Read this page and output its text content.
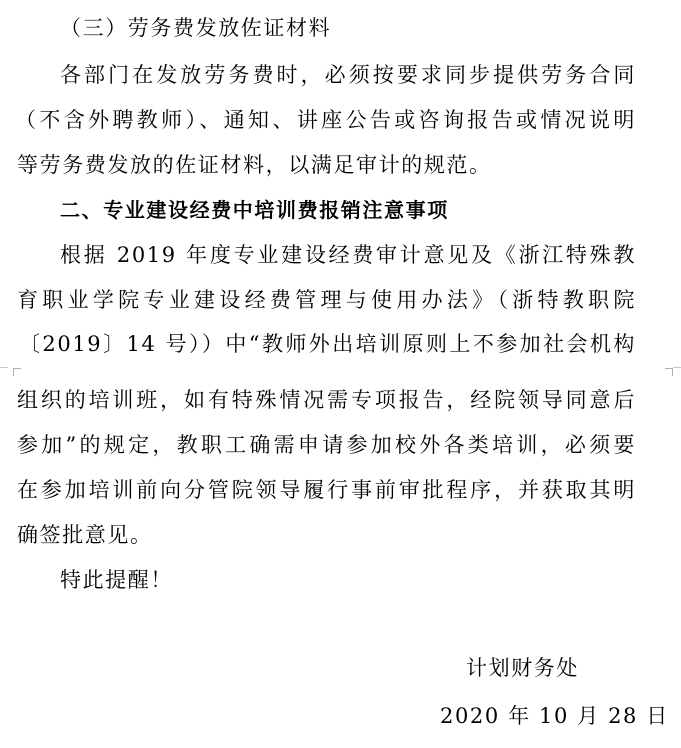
（三）劳务费发放佐证材料
各部门在发放劳务费时，必须按要求同步提供劳务合同
（不含外聘教师）、通知、讲座公告或咨询报告或情况说明
等劳务费发放的佐证材料，以满足审计的规范。
二、专业建设经费中培训费报销注意事项
根据 2019 年度专业建设经费审计意见及《浙江特殊教
育职业学院专业建设经费管理与使用办法》（浙特教职院
〔2019〕14 号））中“教师外出培训原则上不参加社会机构
组织的培训班，如有特殊情况需专项报告，经院领导同意后
参加”的规定，教职工确需申请参加校外各类培训，必须要
在参加培训前向分管院领导履行事前审批程序，并获取其明
确签批意见。
特此提醒！
计划财务处
2020 年 10 月 28 日
